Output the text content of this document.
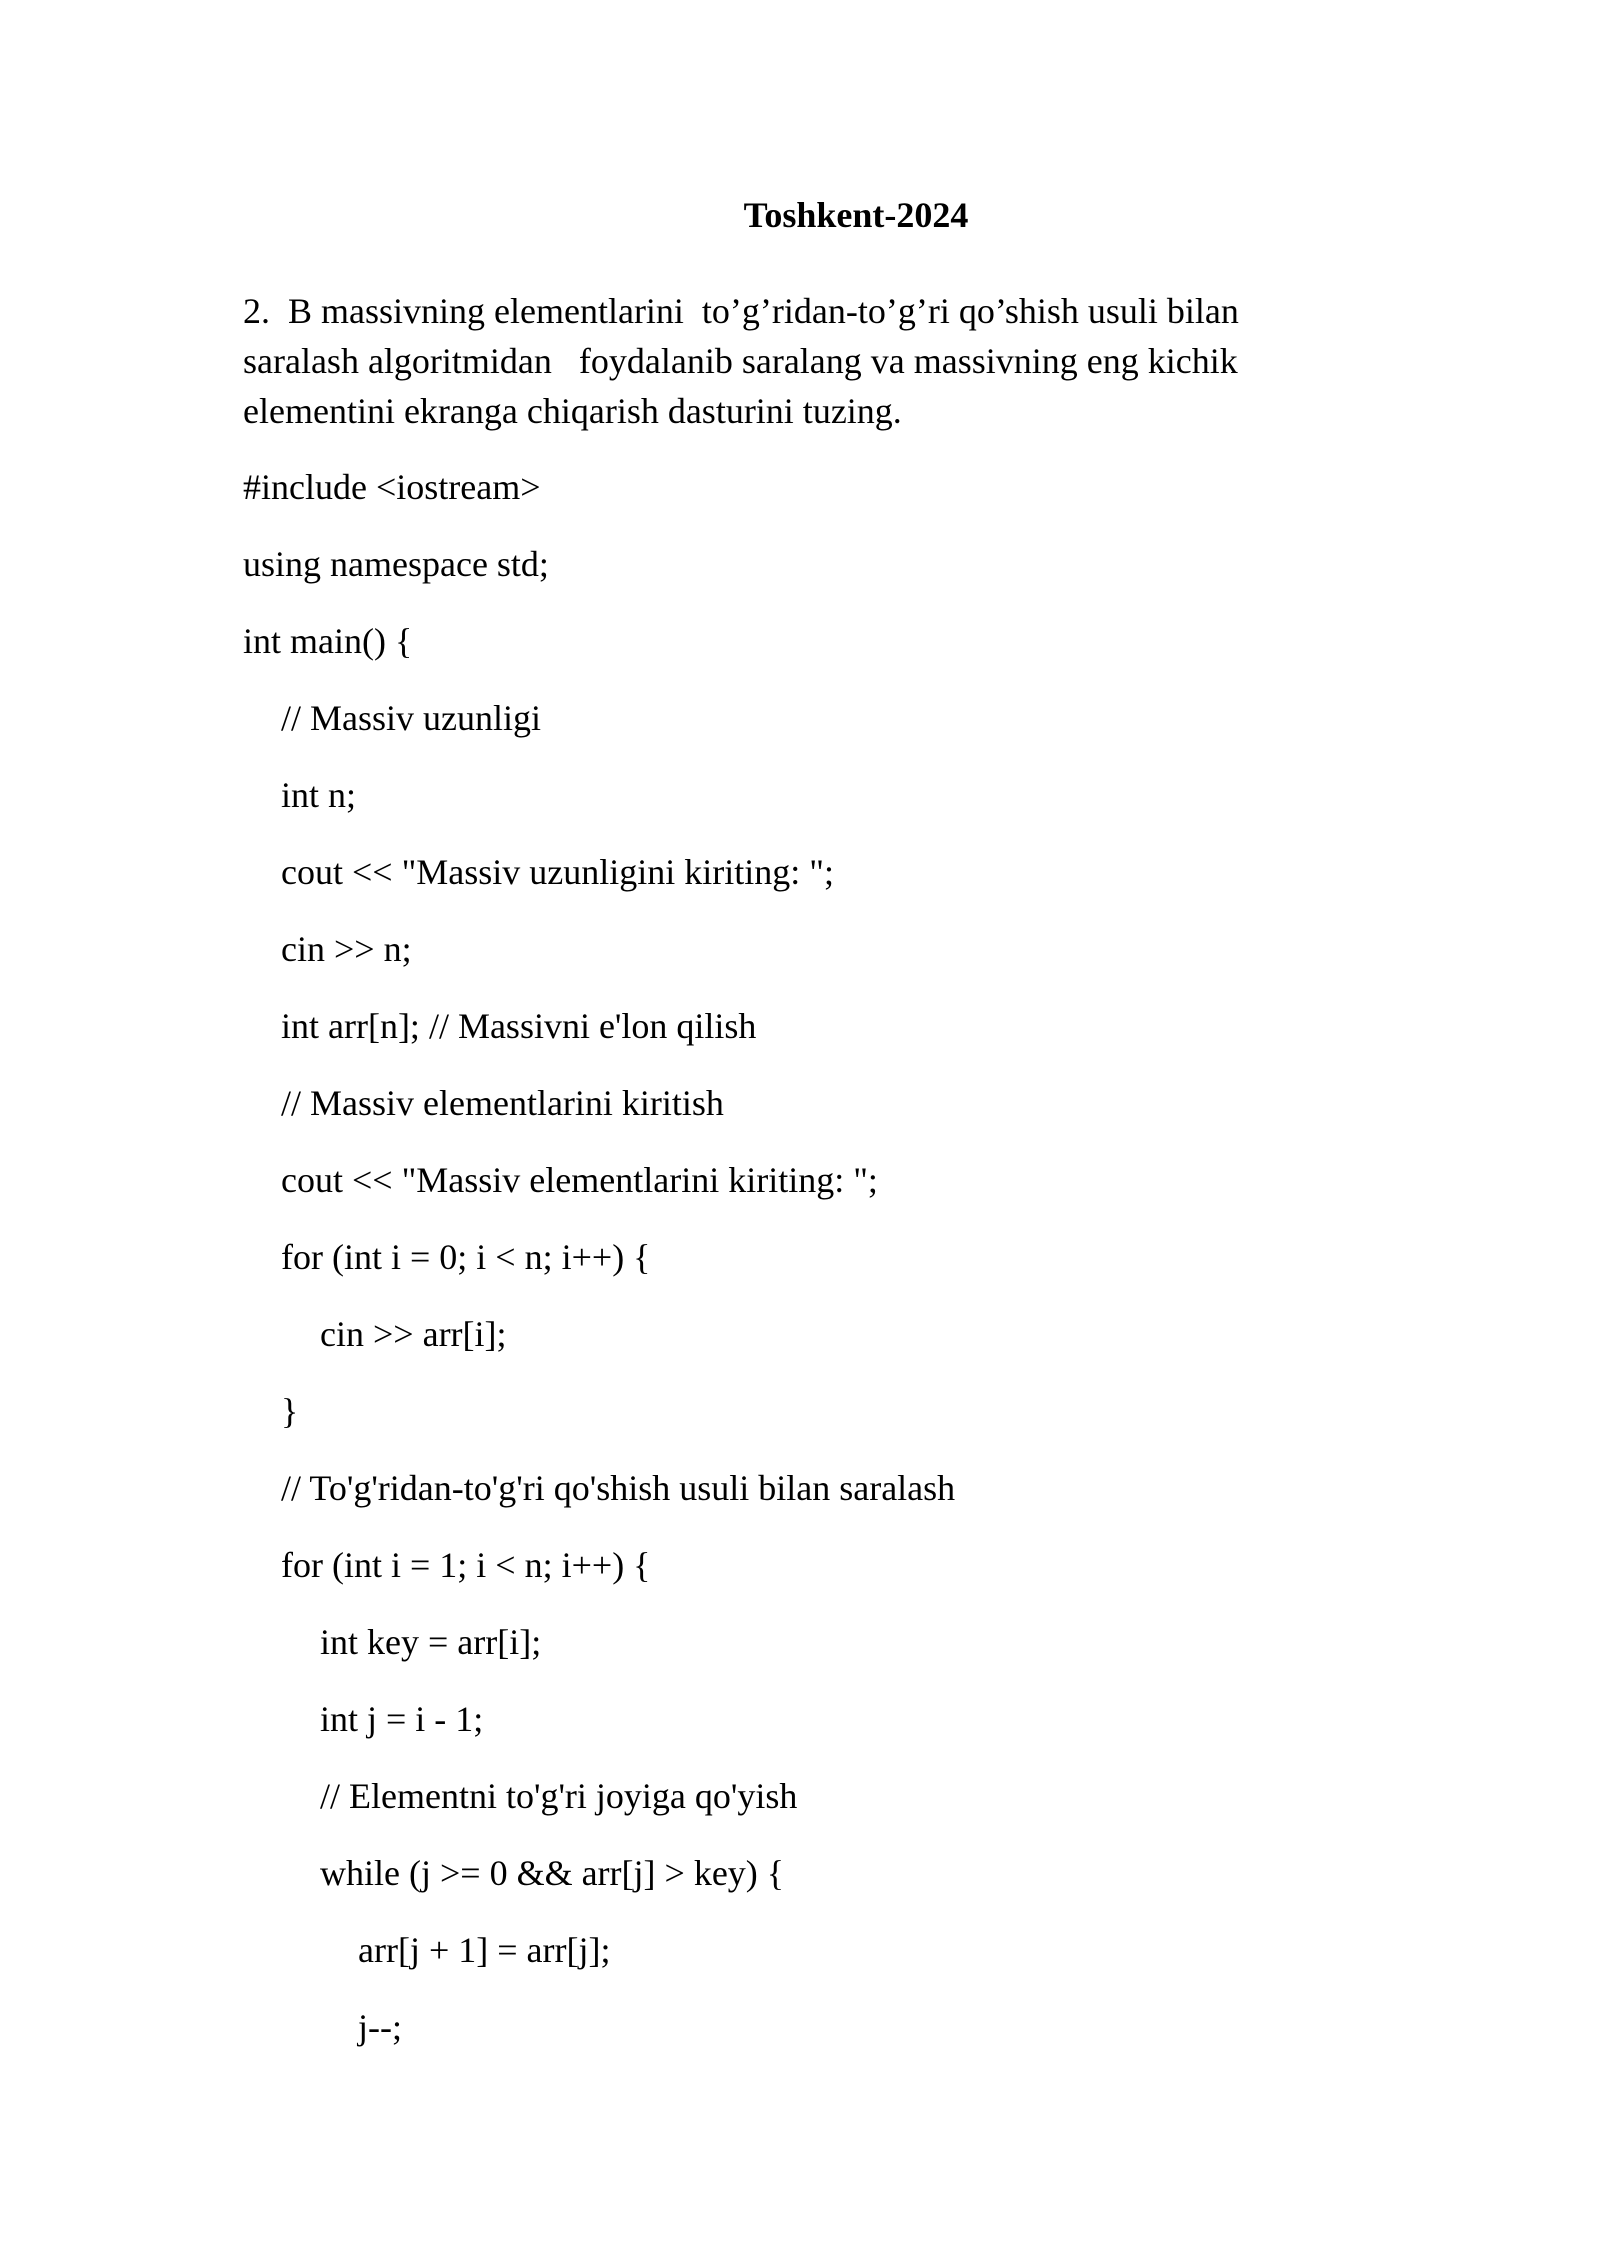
Toshkent-2024
2.  B massivning elementlarini  to’g’ridan-to’g’ri qo’shish usuli bilan
saralash algoritmidan   foydalanib saralang va massivning eng kichik
elementini ekranga chiqarish dasturini tuzing.
#include <iostream>
using namespace std;
int main() {
// Massiv uzunligi
int n;
cout << "Massiv uzunligini kiriting: ";
cin >> n;
int arr[n]; // Massivni e'lon qilish
// Massiv elementlarini kiritish
cout << "Massiv elementlarini kiriting: ";
for (int i = 0; i < n; i++) {
cin >> arr[i];
}
// To'g'ridan-to'g'ri qo'shish usuli bilan saralash
for (int i = 1; i < n; i++) {
int key = arr[i];
int j = i - 1;
// Elementni to'g'ri joyiga qo'yish
while (j >= 0 && arr[j] > key) {
arr[j + 1] = arr[j];
j--;
